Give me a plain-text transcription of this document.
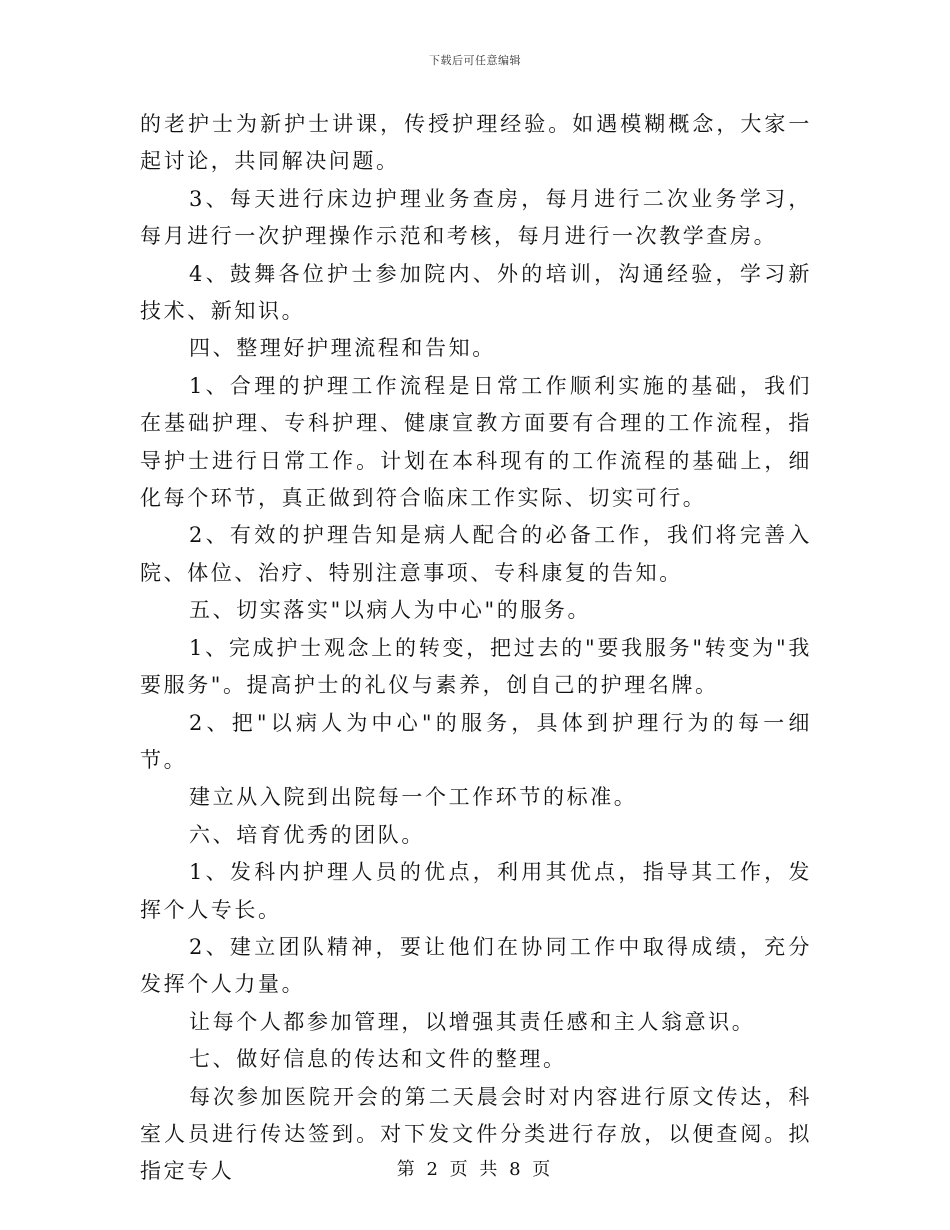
下载后可任意编辑

的老护士为新护士讲课，传授护理经验。如遇模糊概念，大家一起讨论，共同解决问题。

3、每天进行床边护理业务查房，每月进行二次业务学习，每月进行一次护理操作示范和考核，每月进行一次教学查房。

4、鼓舞各位护士参加院内、外的培训，沟通经验，学习新技术、新知识。

四、整理好护理流程和告知。

1、合理的护理工作流程是日常工作顺利实施的基础，我们在基础护理、专科护理、健康宣教方面要有合理的工作流程，指导护士进行日常工作。计划在本科现有的工作流程的基础上，细化每个环节，真正做到符合临床工作实际、切实可行。

2、有效的护理告知是病人配合的必备工作，我们将完善入院、体位、治疗、特别注意事项、专科康复的告知。

五、切实落实"以病人为中心"的服务。

1、完成护士观念上的转变，把过去的"要我服务"转变为"我要服务"。提高护士的礼仪与素养，创自己的护理名牌。

2、把"以病人为中心"的服务，具体到护理行为的每一细节。

建立从入院到出院每一个工作环节的标准。

六、培育优秀的团队。

1、发科内护理人员的优点，利用其优点，指导其工作，发挥个人专长。

2、建立团队精神，要让他们在协同工作中取得成绩，充分发挥个人力量。

让每个人都参加管理，以增强其责任感和主人翁意识。

七、做好信息的传达和文件的整理。

每次参加医院开会的第二天晨会时对内容进行原文传达，科室人员进行传达签到。对下发文件分类进行存放，以便查阅。拟指定专人	第 2 页 共 8 页
